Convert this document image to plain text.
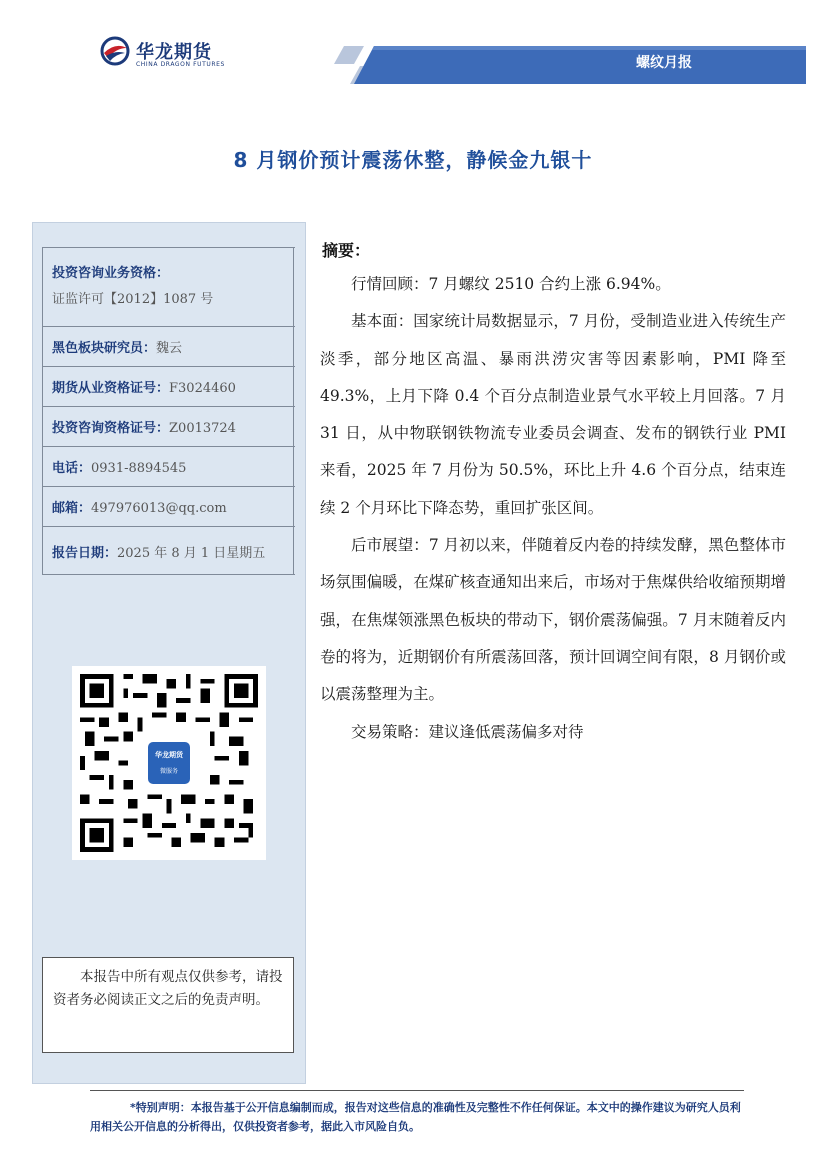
华龙期货
CHINA DRAGON FUTURES	螺纹月报
8 月钢价预计震荡休整，静候金九银十
投资咨询业务资格：
证监许可【2012】1087 号
黑色板块研究员：魏云
期货从业资格证号：F3024460
投资咨询资格证号：Z0013724
电话：0931-8894545
邮箱：497976013@qq.com
报告日期：2025 年 8 月 1 日星期五
华龙期货
微服务
本报告中所有观点仅供参考，请投资者务必阅读正文之后的免责声明。
摘要：

行情回顾：7 月螺纹 2510 合约上涨 6.94%。

基本面：国家统计局数据显示，7 月份，受制造业进入传统生产淡季，部分地区高温、暴雨洪涝灾害等因素影响，PMI 降至 49.3%，上月下降 0.4 个百分点制造业景气水平较上月回落。7 月 31 日，从中物联钢铁物流专业委员会调查、发布的钢铁行业 PMI 来看，2025 年 7 月份为 50.5%，环比上升 4.6 个百分点，结束连续 2 个月环比下降态势，重回扩张区间。

后市展望：7 月初以来，伴随着反内卷的持续发酵，黑色整体市场氛围偏暖，在煤矿核查通知出来后，市场对于焦煤供给收缩预期增强，在焦煤领涨黑色板块的带动下，钢价震荡偏强。7 月末随着反内卷的将为，近期钢价有所震荡回落，预计回调空间有限，8 月钢价或以震荡整理为主。

交易策略：建议逢低震荡偏多对待

*特别声明：本报告基于公开信息编制而成，报告对这些信息的准确性及完整性不作任何保证。本文中的操作建议为研究人员利用相关公开信息的分析得出，仅供投资者参考，据此入市风险自负。
